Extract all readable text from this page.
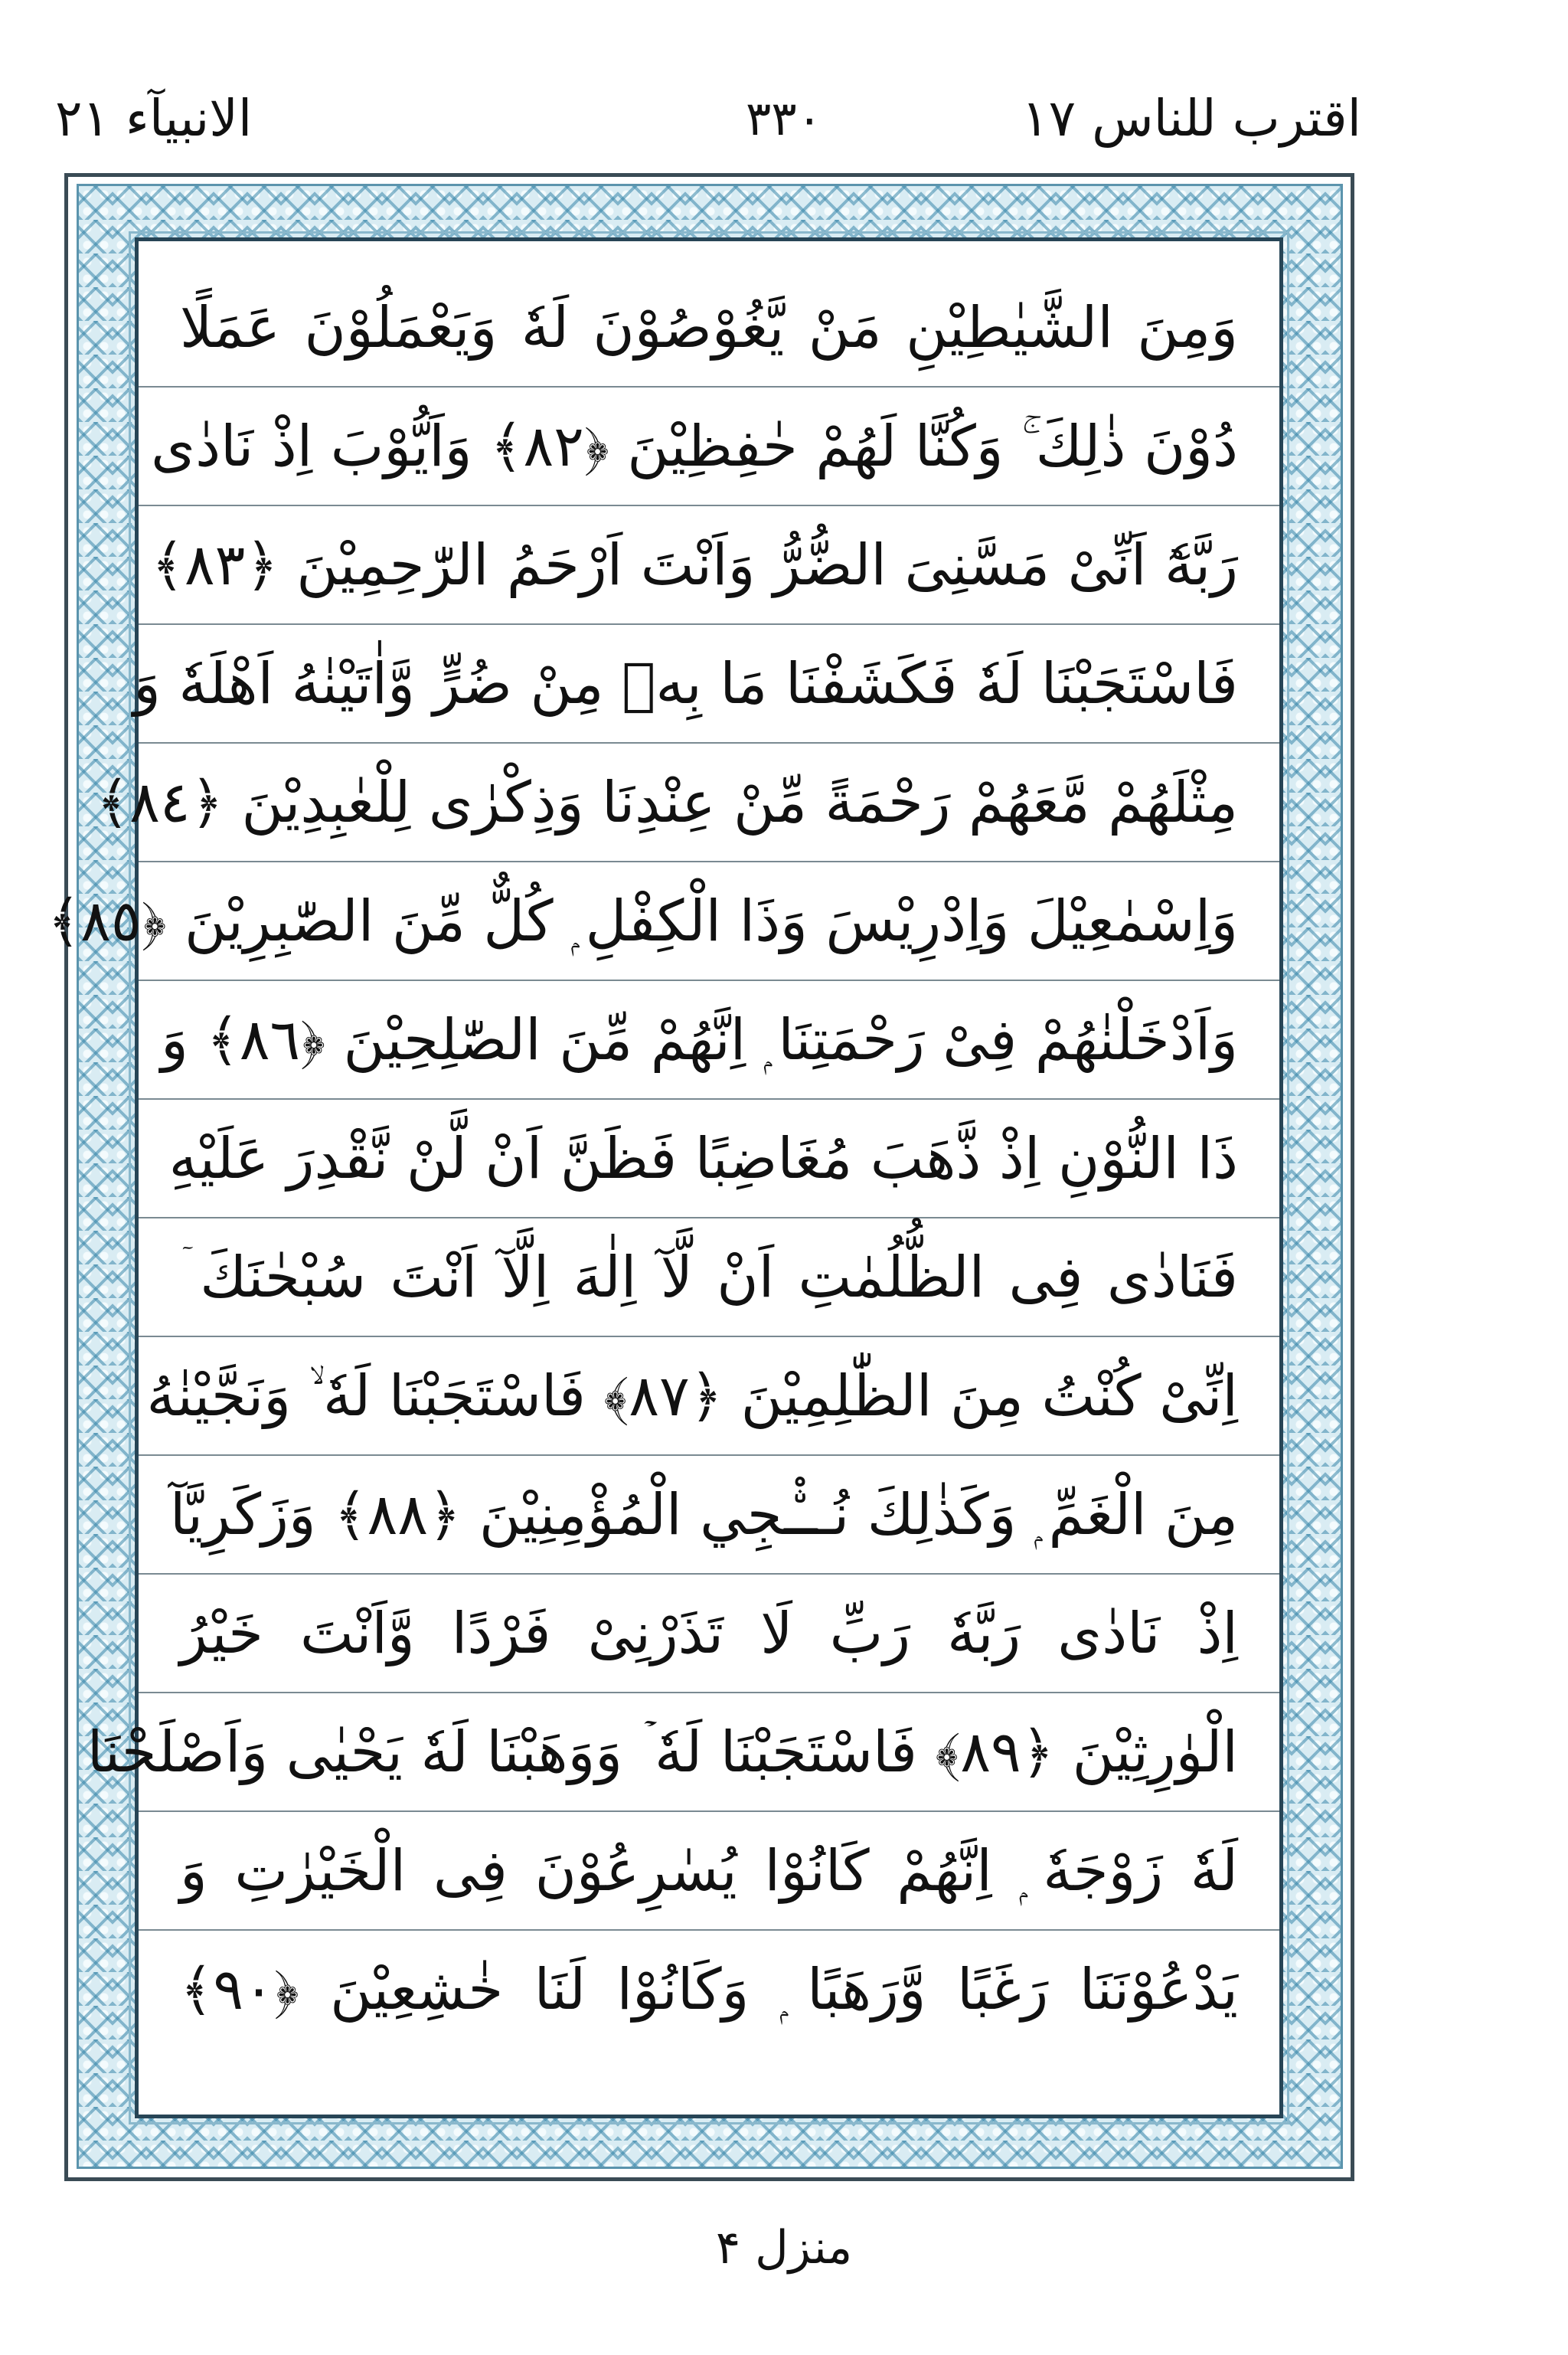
اقترب للناس ١٧
٣٣٠
الانبيآء ٢١
وَمِنَ الشَّيٰطِيْنِ مَنْ يَّغُوْصُوْنَ لَهٗ وَيَعْمَلُوْنَ عَمَلًا
دُوْنَ ذٰلِكَ ۚ وَكُنَّا لَهُمْ حٰفِظِيْنَ ﴿٨٢﴾ وَاَيُّوْبَ اِذْ نَادٰى
رَبَّهٗٓ اَنِّىْ مَسَّنِىَ الضُّرُّ وَاَنْتَ اَرْحَمُ الرّٰحِمِيْنَ ﴿٨٣﴾
فَاسْتَجَبْنَا لَهٗ فَكَشَفْنَا مَا بِهٖ مِنْ ضُرٍّ وَّاٰتَيْنٰهُ اَهْلَهٗ وَ
مِثْلَهُمْ مَّعَهُمْ رَحْمَةً مِّنْ عِنْدِنَا وَذِكْرٰى لِلْعٰبِدِيْنَ ﴿٨٤﴾
وَاِسْمٰعِيْلَ وَاِدْرِيْسَ وَذَا الْكِفْلِ ۭ كُلٌّ مِّنَ الصّٰبِرِيْنَ ﴿٨٥﴾
وَاَدْخَلْنٰهُمْ فِىْ رَحْمَتِنَا ۭ اِنَّهُمْ مِّنَ الصّٰلِحِيْنَ ﴿٨٦﴾ وَ
ذَا النُّوْنِ اِذْ ذَّهَبَ مُغَاضِبًا فَظَنَّ اَنْ لَّنْ نَّقْدِرَ عَلَيْهِ
فَنَادٰى فِى الظُّلُمٰتِ اَنْ لَّآ اِلٰهَ اِلَّآ اَنْتَ سُبْحٰنَكَ ۤ
اِنِّىْ كُنْتُ مِنَ الظّٰلِمِيْنَ ﴿٨٧﴾ فَاسْتَجَبْنَا لَهٗ ۙ وَنَجَّيْنٰهُ
مِنَ الْغَمِّ ۭ وَكَذٰلِكَ نُــْۨجِي الْمُؤْمِنِيْنَ ﴿٨٨﴾ وَزَكَرِيَّآ
اِذْ نَادٰى رَبَّهٗ رَبِّ لَا تَذَرْنِىْ فَرْدًا وَّاَنْتَ خَيْرُ
الْوٰرِثِيْنَ ﴿٨٩﴾ فَاسْتَجَبْنَا لَهٗ ۡ وَوَهَبْنَا لَهٗ يَحْيٰى وَاَصْلَحْنَا
لَهٗ زَوْجَهٗ ۭ اِنَّهُمْ كَانُوْا يُسٰرِعُوْنَ فِى الْخَيْرٰتِ وَ
يَدْعُوْنَنَا رَغَبًا وَّرَهَبًا ۭ وَكَانُوْا لَنَا خٰشِعِيْنَ ﴿٩٠﴾
منزل ۴
